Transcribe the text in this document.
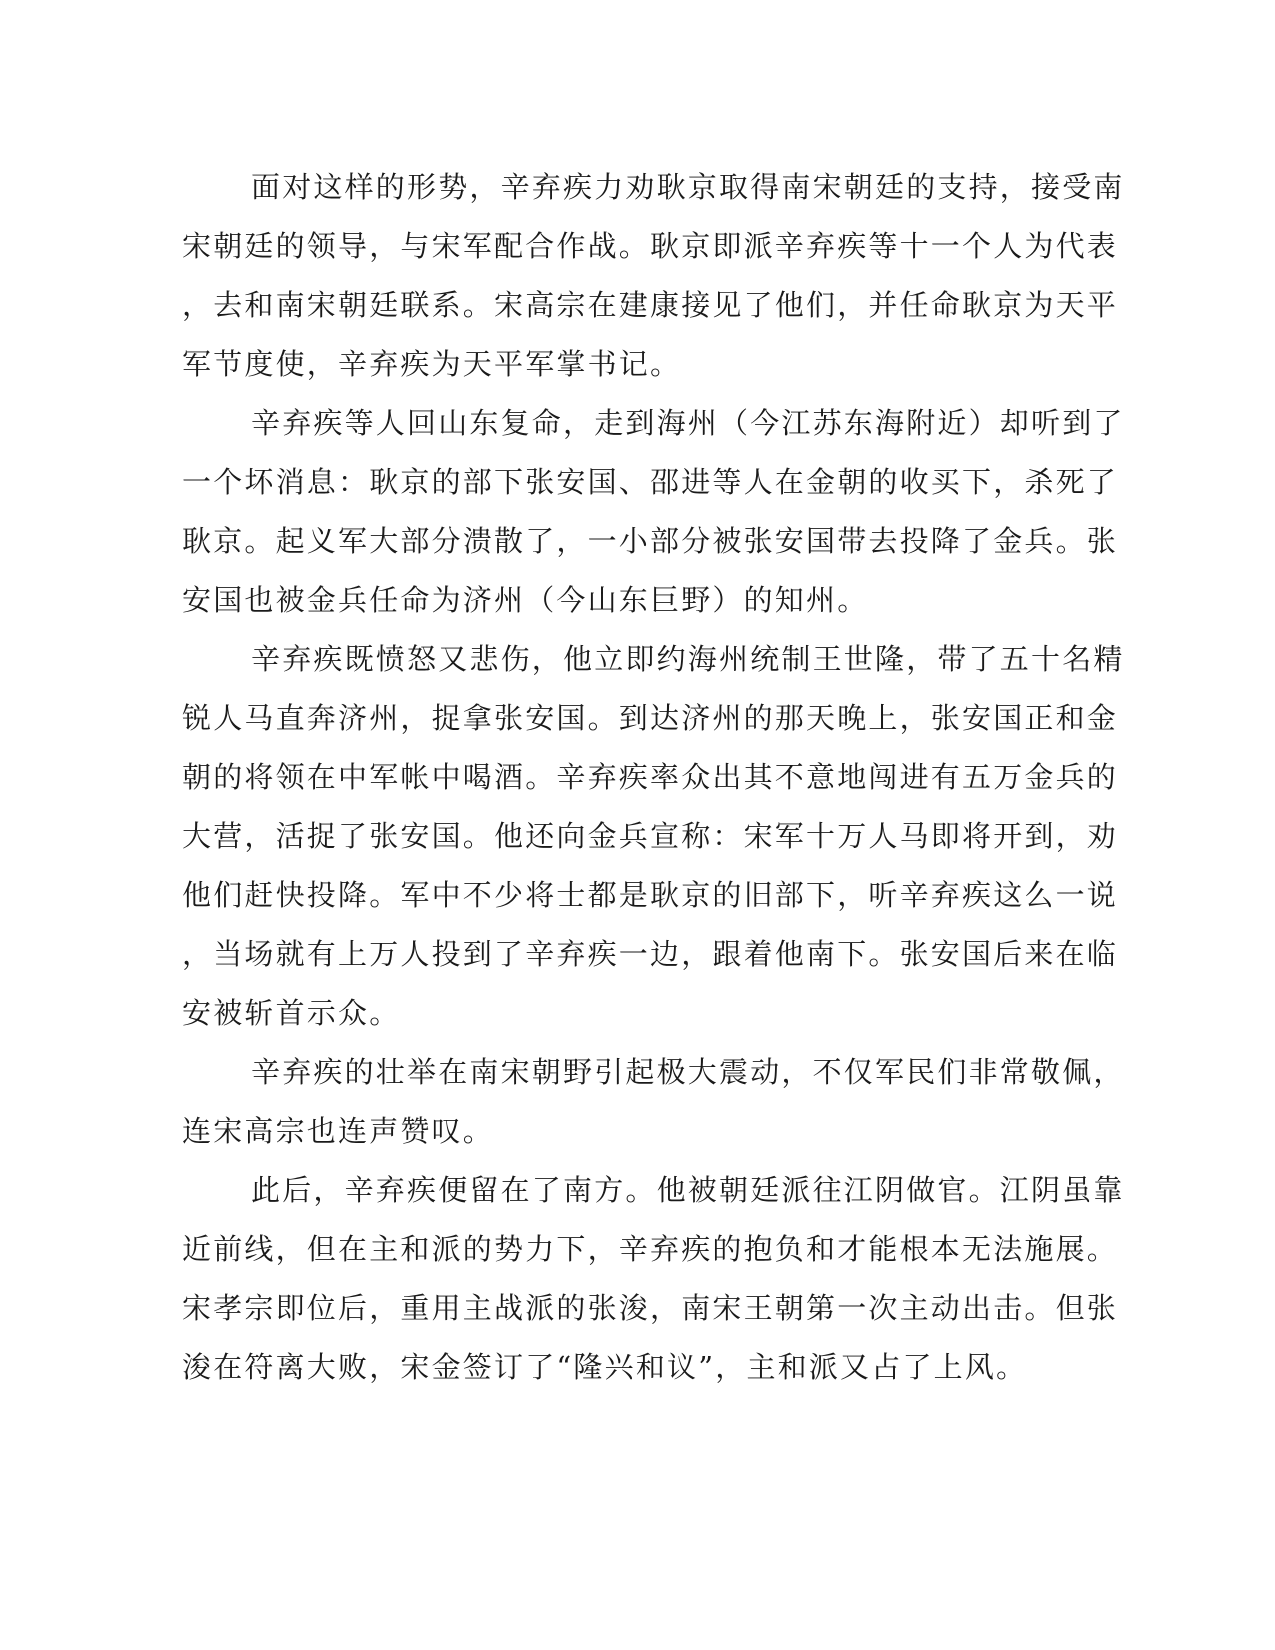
面对这样的形势，辛弃疾力劝耿京取得南宋朝廷的支持，接受南
宋朝廷的领导，与宋军配合作战。耿京即派辛弃疾等十一个人为代表
，去和南宋朝廷联系。宋高宗在建康接见了他们，并任命耿京为天平
军节度使，辛弃疾为天平军掌书记。
辛弃疾等人回山东复命，走到海州（今江苏东海附近）却听到了
一个坏消息：耿京的部下张安国、邵进等人在金朝的收买下，杀死了
耿京。起义军大部分溃散了，一小部分被张安国带去投降了金兵。张
安国也被金兵任命为济州（今山东巨野）的知州。
辛弃疾既愤怒又悲伤，他立即约海州统制王世隆，带了五十名精
锐人马直奔济州，捉拿张安国。到达济州的那天晚上，张安国正和金
朝的将领在中军帐中喝酒。辛弃疾率众出其不意地闯进有五万金兵的
大营，活捉了张安国。他还向金兵宣称：宋军十万人马即将开到，劝
他们赶快投降。军中不少将士都是耿京的旧部下，听辛弃疾这么一说
，当场就有上万人投到了辛弃疾一边，跟着他南下。张安国后来在临
安被斩首示众。
辛弃疾的壮举在南宋朝野引起极大震动，不仅军民们非常敬佩，
连宋高宗也连声赞叹。
此后，辛弃疾便留在了南方。他被朝廷派往江阴做官。江阴虽靠
近前线，但在主和派的势力下，辛弃疾的抱负和才能根本无法施展。
宋孝宗即位后，重用主战派的张浚，南宋王朝第一次主动出击。但张
浚在符离大败，宋金签订了“隆兴和议”，主和派又占了上风。
